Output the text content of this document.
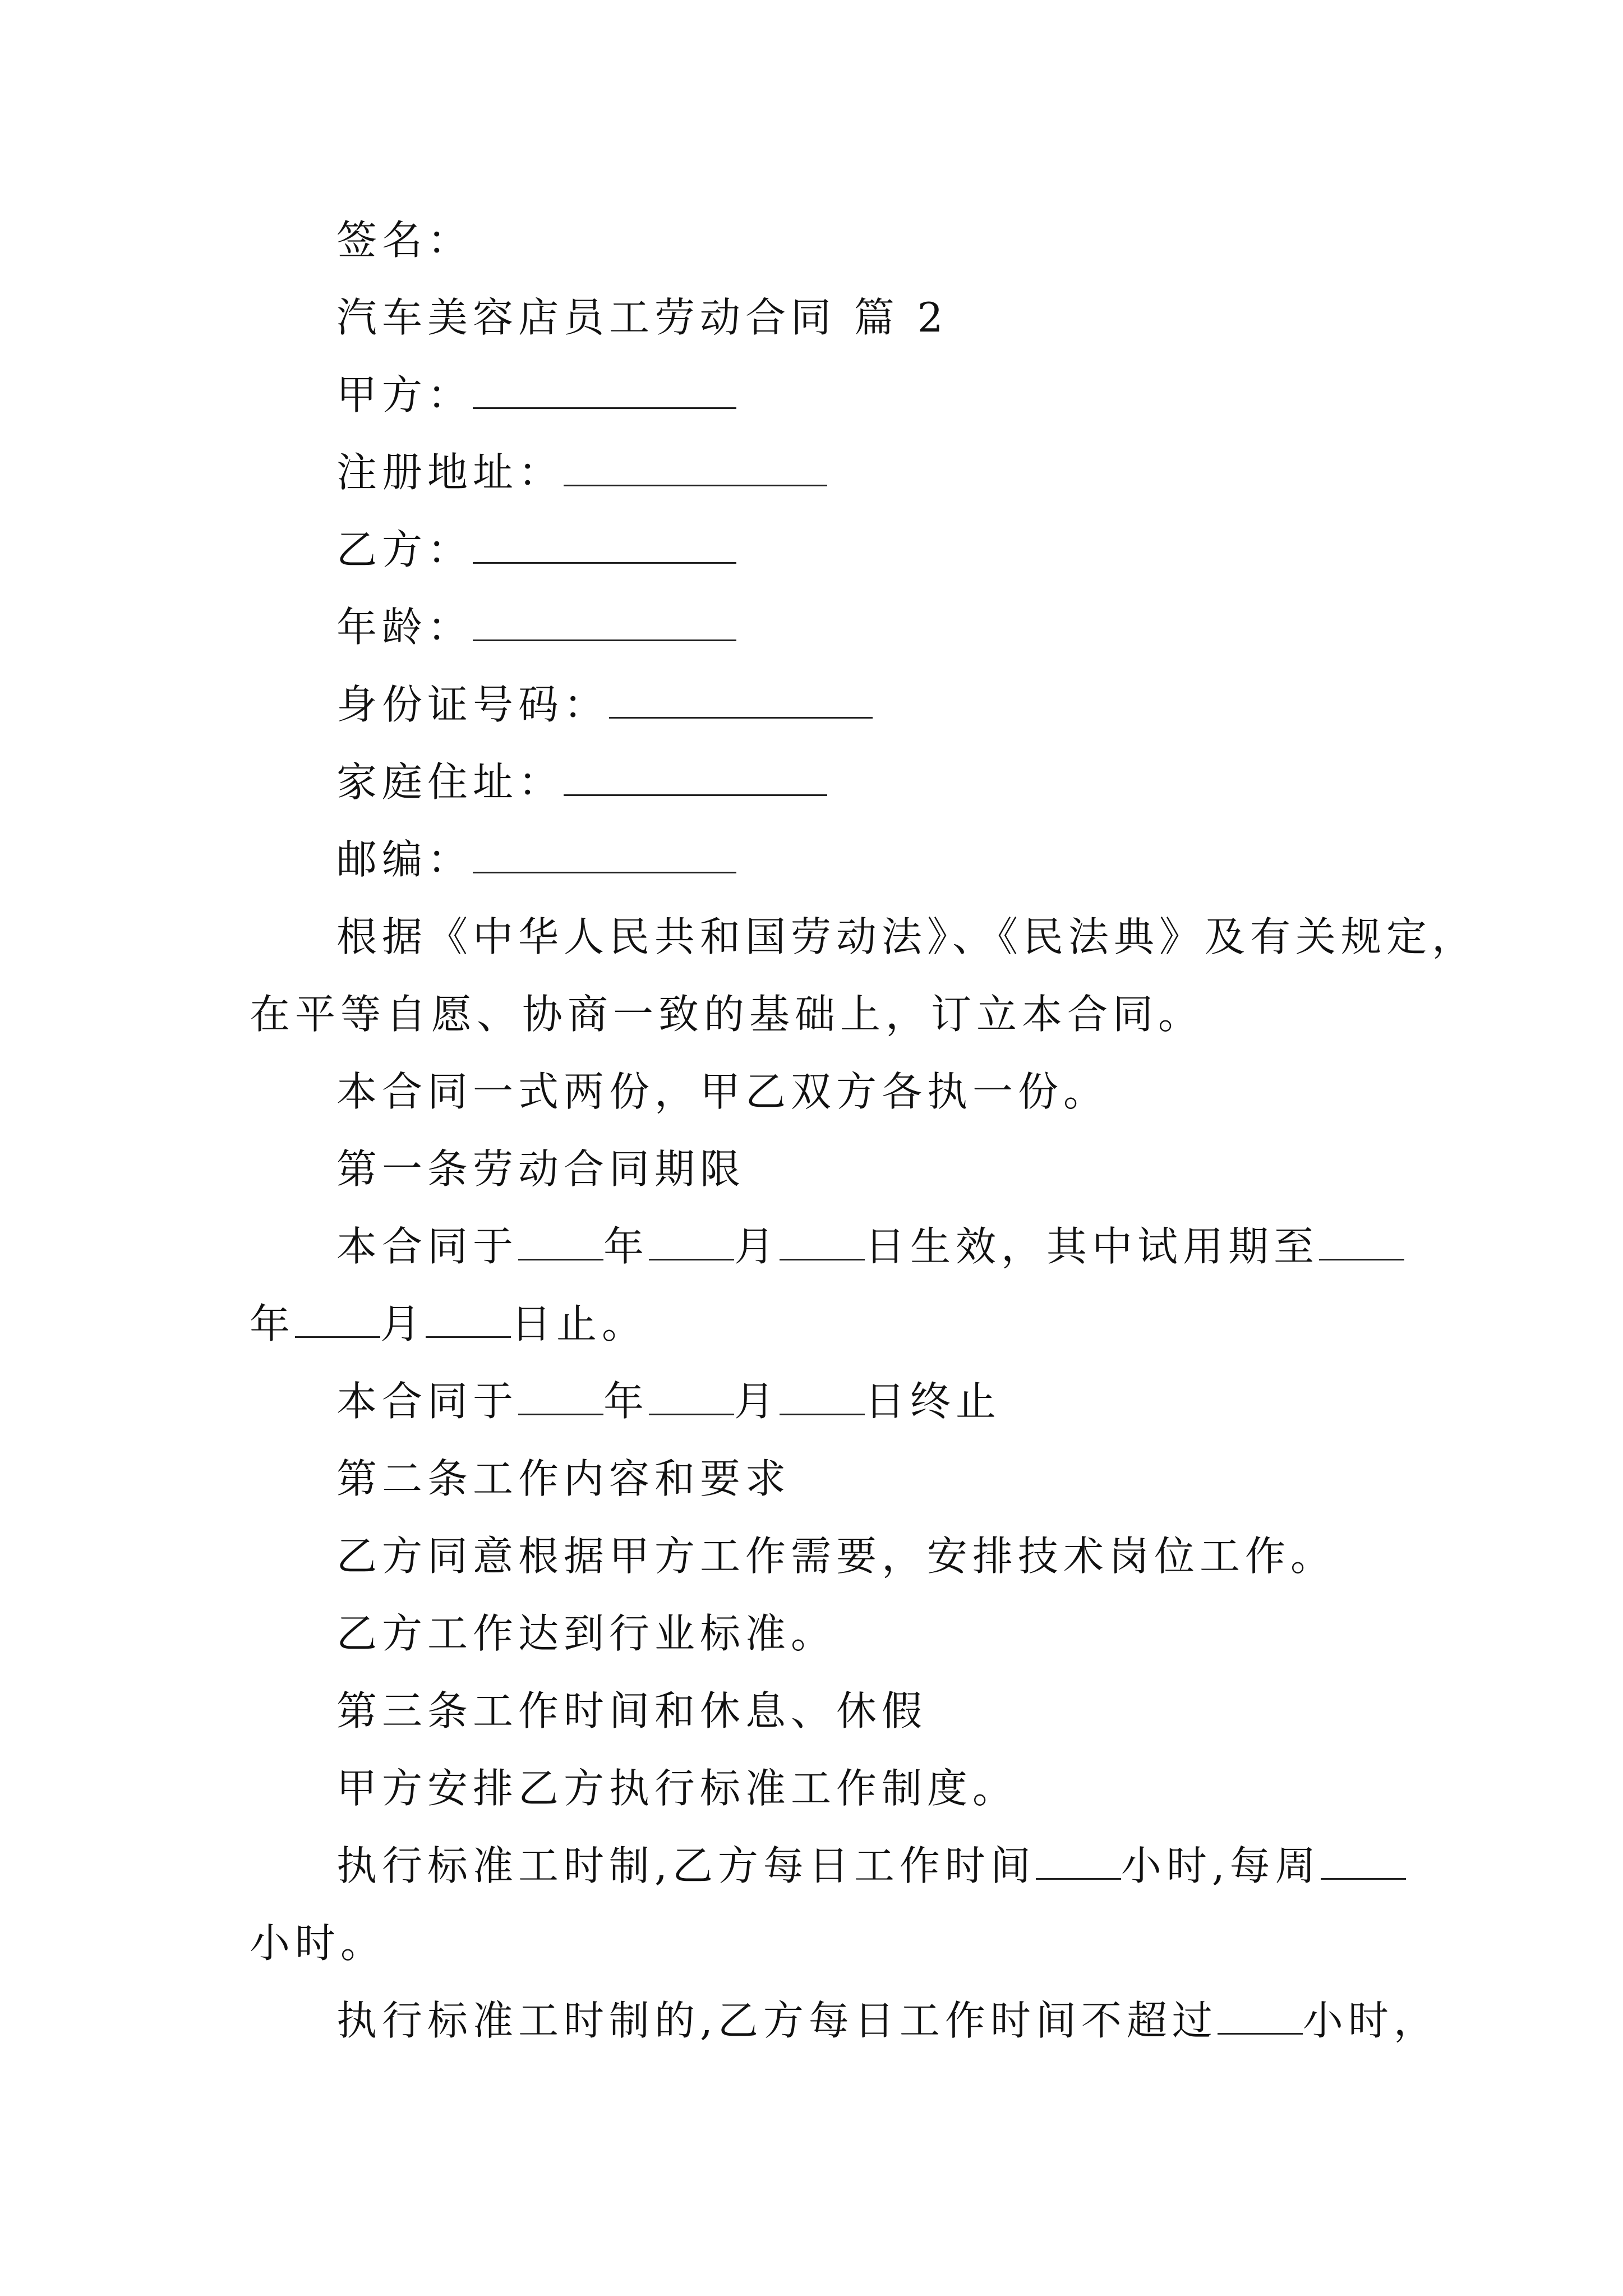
签名：
汽车美容店员工劳动合同 篇 2
甲方：
注册地址：
乙方：
年龄：
身份证号码：
家庭住址：
邮编：
根据《中华人民共和国劳动法》、《民法典》及有关规定，
在平等自愿、协商一致的基础上，订立本合同。
本合同一式两份，甲乙双方各执一份。
第一条劳动合同期限
本合同于 年 月 日生效，其中试用期至
年 月 日止。
本合同于 年 月 日终止
第二条工作内容和要求
乙方同意根据甲方工作需要，安排技术岗位工作。
乙方工作达到行业标准。
第三条工作时间和休息、休假
甲方安排乙方执行标准工作制度。
执行标准工时制,乙方每日工作时间 小时,每周
小时。
执行标准工时制的,乙方每日工作时间不超过 小时，
